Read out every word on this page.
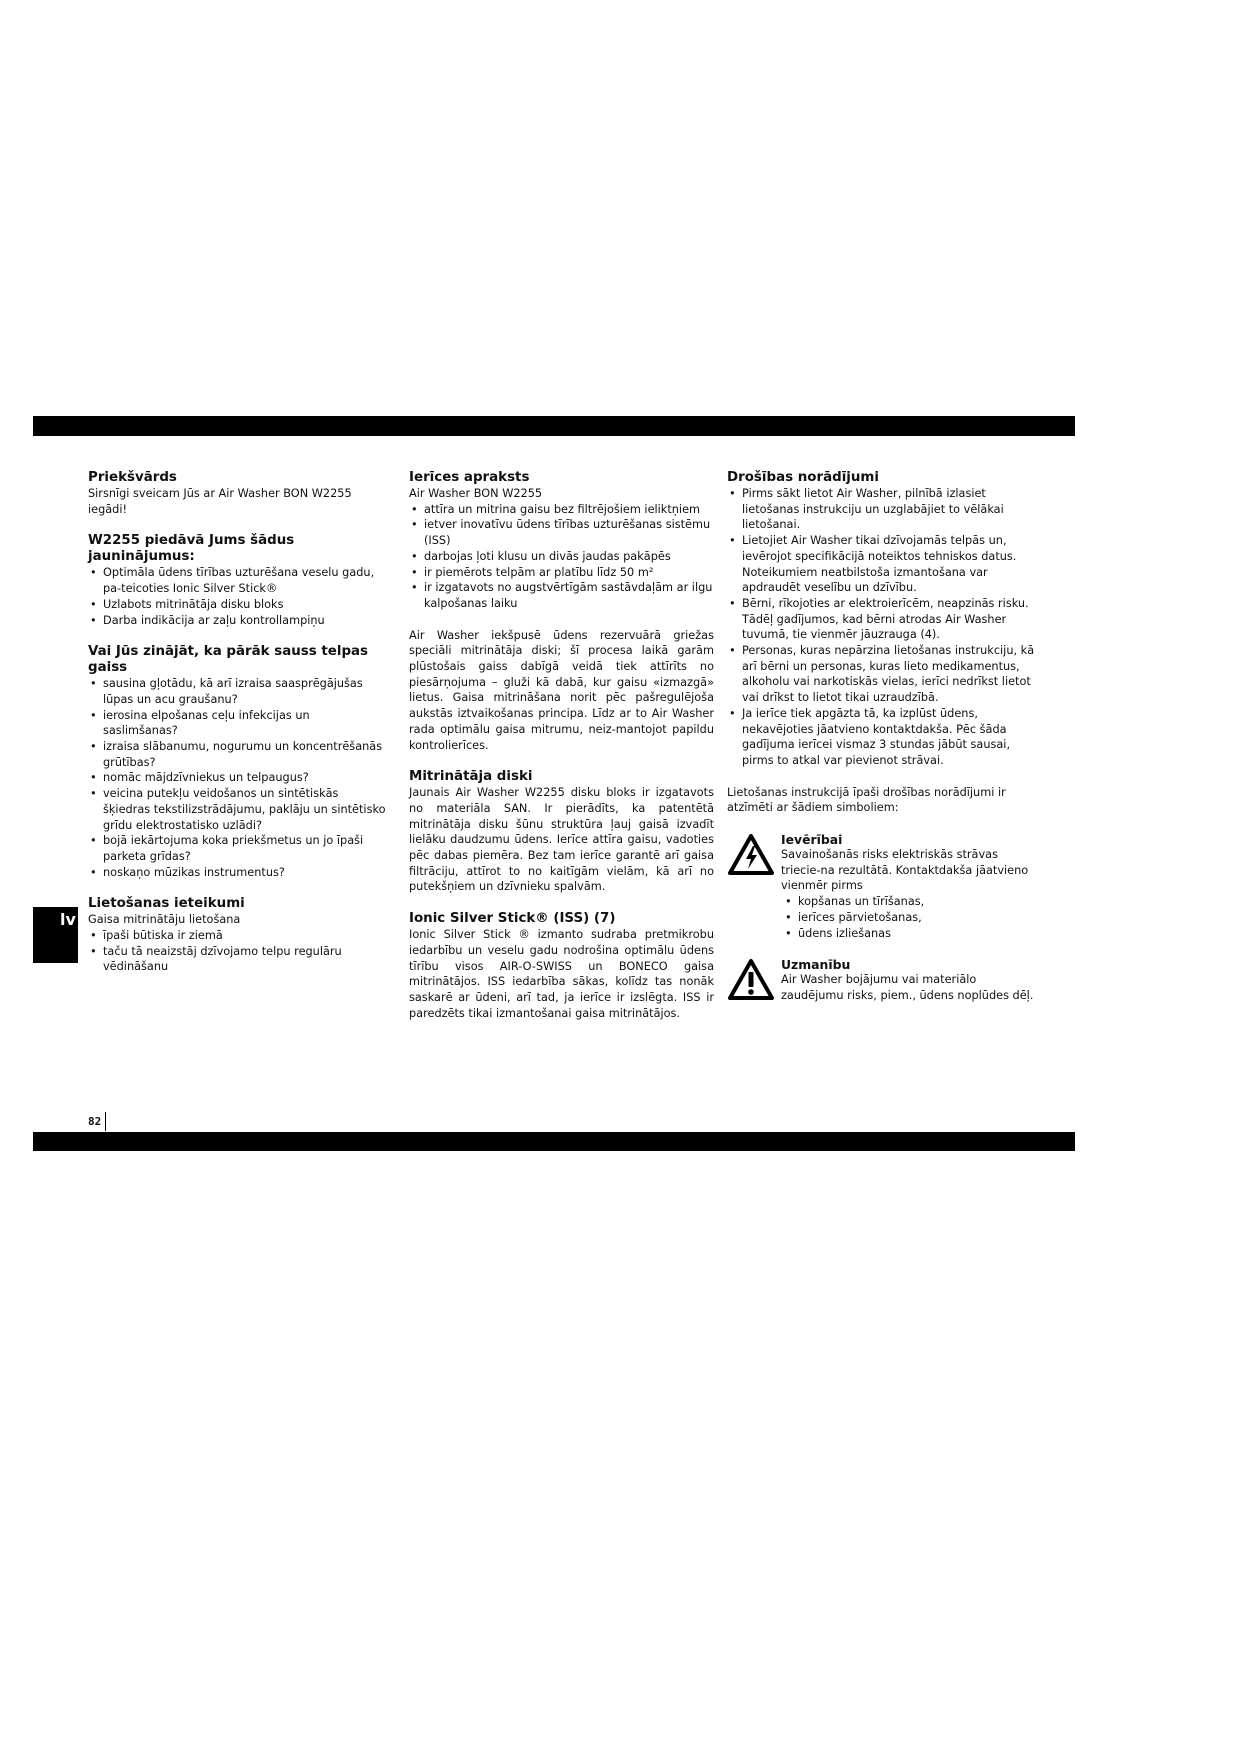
Priekšvārds

Sirsnīgi sveicam Jūs ar Air Washer BON W2255 iegādi!

W2255 piedāvā Jums šādus jauninājumus:
• Optimāla ūdens tīrības uzturēšana veselu gadu, pa-teicoties Ionic Silver Stick®
• Uzlabots mitrinātāja disku bloks
• Darba indikācija ar zaļu kontrollampiņu
Vai Jūs zinājāt, ka pārāk sauss telpas gaiss
• sausina gļotādu, kā arī izraisa saasprēgājušas lūpas un acu graušanu?
• ierosina elpošanas ceļu infekcijas un saslimšanas?
• izraisa slābanumu, nogurumu un koncentrēšanās grūtības?
• nomāc mājdzīvniekus un telpaugus?
• veicina putekļu veidošanos un sintētiskās šķiedras tekstilizstrādājumu, paklāju un sintētisko grīdu elektrostatisko uzlādi?
• bojā iekārtojuma koka priekšmetus un jo īpaši parketa grīdas?
• noskaņo mūzikas instrumentus?
Lietošanas ieteikumi

Gaisa mitrinātāju lietošana

• īpaši būtiska ir ziemā
• taču tā neaizstāj dzīvojamo telpu regulāru vēdināšanu
Ierīces apraksts

Air Washer BON W2255

• attīra un mitrina gaisu bez filtrējošiem ieliktņiem
• ietver inovatīvu ūdens tīrības uzturēšanas sistēmu (ISS)
• darbojas ļoti klusu un divās jaudas pakāpēs
• ir piemērots telpām ar platību līdz 50 m²
• ir izgatavots no augstvērtīgām sastāvdaļām ar ilgu kalpošanas laiku

Air Washer iekšpusē ūdens rezervuārā griežas speciāli mitrinātāja diski; šī procesa laikā garām plūstošais gaiss dabīgā veidā tiek attīrīts no piesārņojuma – gluži kā dabā, kur gaisu «izmazgā» lietus. Gaisa mitrināšana norit pēc pašregulējoša aukstās iztvaikošanas principa. Līdz ar to Air Washer rada optimālu gaisa mitrumu, neiz-mantojot papildu kontrolierīces.

Mitrinātāja diski

Jaunais Air Washer W2255 disku bloks ir izgatavots no materiāla SAN. Ir pierādīts, ka patentētā mitrinātāja disku šūnu struktūra ļauj gaisā izvadīt lielāku daudzumu ūdens. Ierīce attīra gaisu, vadoties pēc dabas piemēra. Bez tam ierīce garantē arī gaisa filtrāciju, attīrot to no kaitīgām vielām, kā arī no putekšņiem un dzīvnieku spalvām.

Ionic Silver Stick® (ISS) (7)

Ionic Silver Stick ® izmanto sudraba pretmikrobu iedarbību un veselu gadu nodrošina optimālu ūdens tīrību visos AIR-O-SWISS un BONECO gaisa mitrinātājos. ISS iedarbība sākas, kolīdz tas nonāk saskarē ar ūdeni, arī tad, ja ierīce ir izslēgta. ISS ir paredzēts tikai izmantošanai gaisa mitrinātājos.

Drošības norādījumi
• Pirms sākt lietot Air Washer, pilnībā izlasiet lietošanas instrukciju un uzglabājiet to vēlākai lietošanai.
• Lietojiet Air Washer tikai dzīvojamās telpās un, ievērojot specifikācijā noteiktos tehniskos datus. Noteikumiem neatbilstoša izmantošana var apdraudēt veselību un dzīvību.
• Bērni, rīkojoties ar elektroierīcēm, neapzinās risku. Tādēļ gadījumos, kad bērni atrodas Air Washer tuvumā, tie vienmēr jāuzrauga (4).
• Personas, kuras nepārzina lietošanas instrukciju, kā arī bērni un personas, kuras lieto medikamentus, alkoholu vai narkotiskās vielas, ierīci nedrīkst lietot vai drīkst to lietot tikai uzraudzībā.
• Ja ierīce tiek apgāzta tā, ka izplūst ūdens, nekavējoties jāatvieno kontaktdakša. Pēc šāda gadījuma ierīcei vismaz 3 stundas jābūt sausai, pirms to atkal var pievienot strāvai.

Lietošanas instrukcijā īpaši drošības norādījumi ir atzīmēti ar šādiem simboliem:

Ievērībai

Savainošanās risks elektriskās strāvas triecie-na rezultātā. Kontaktdakša jāatvieno vienmēr pirms

• kopšanas un tīrīšanas,
• ierīces pārvietošanas,
• ūdens izliešanas
Uzmanību

Air Washer bojājumu vai materiālo zaudējumu risks, piem., ūdens noplūdes dēļ.

lv
82
